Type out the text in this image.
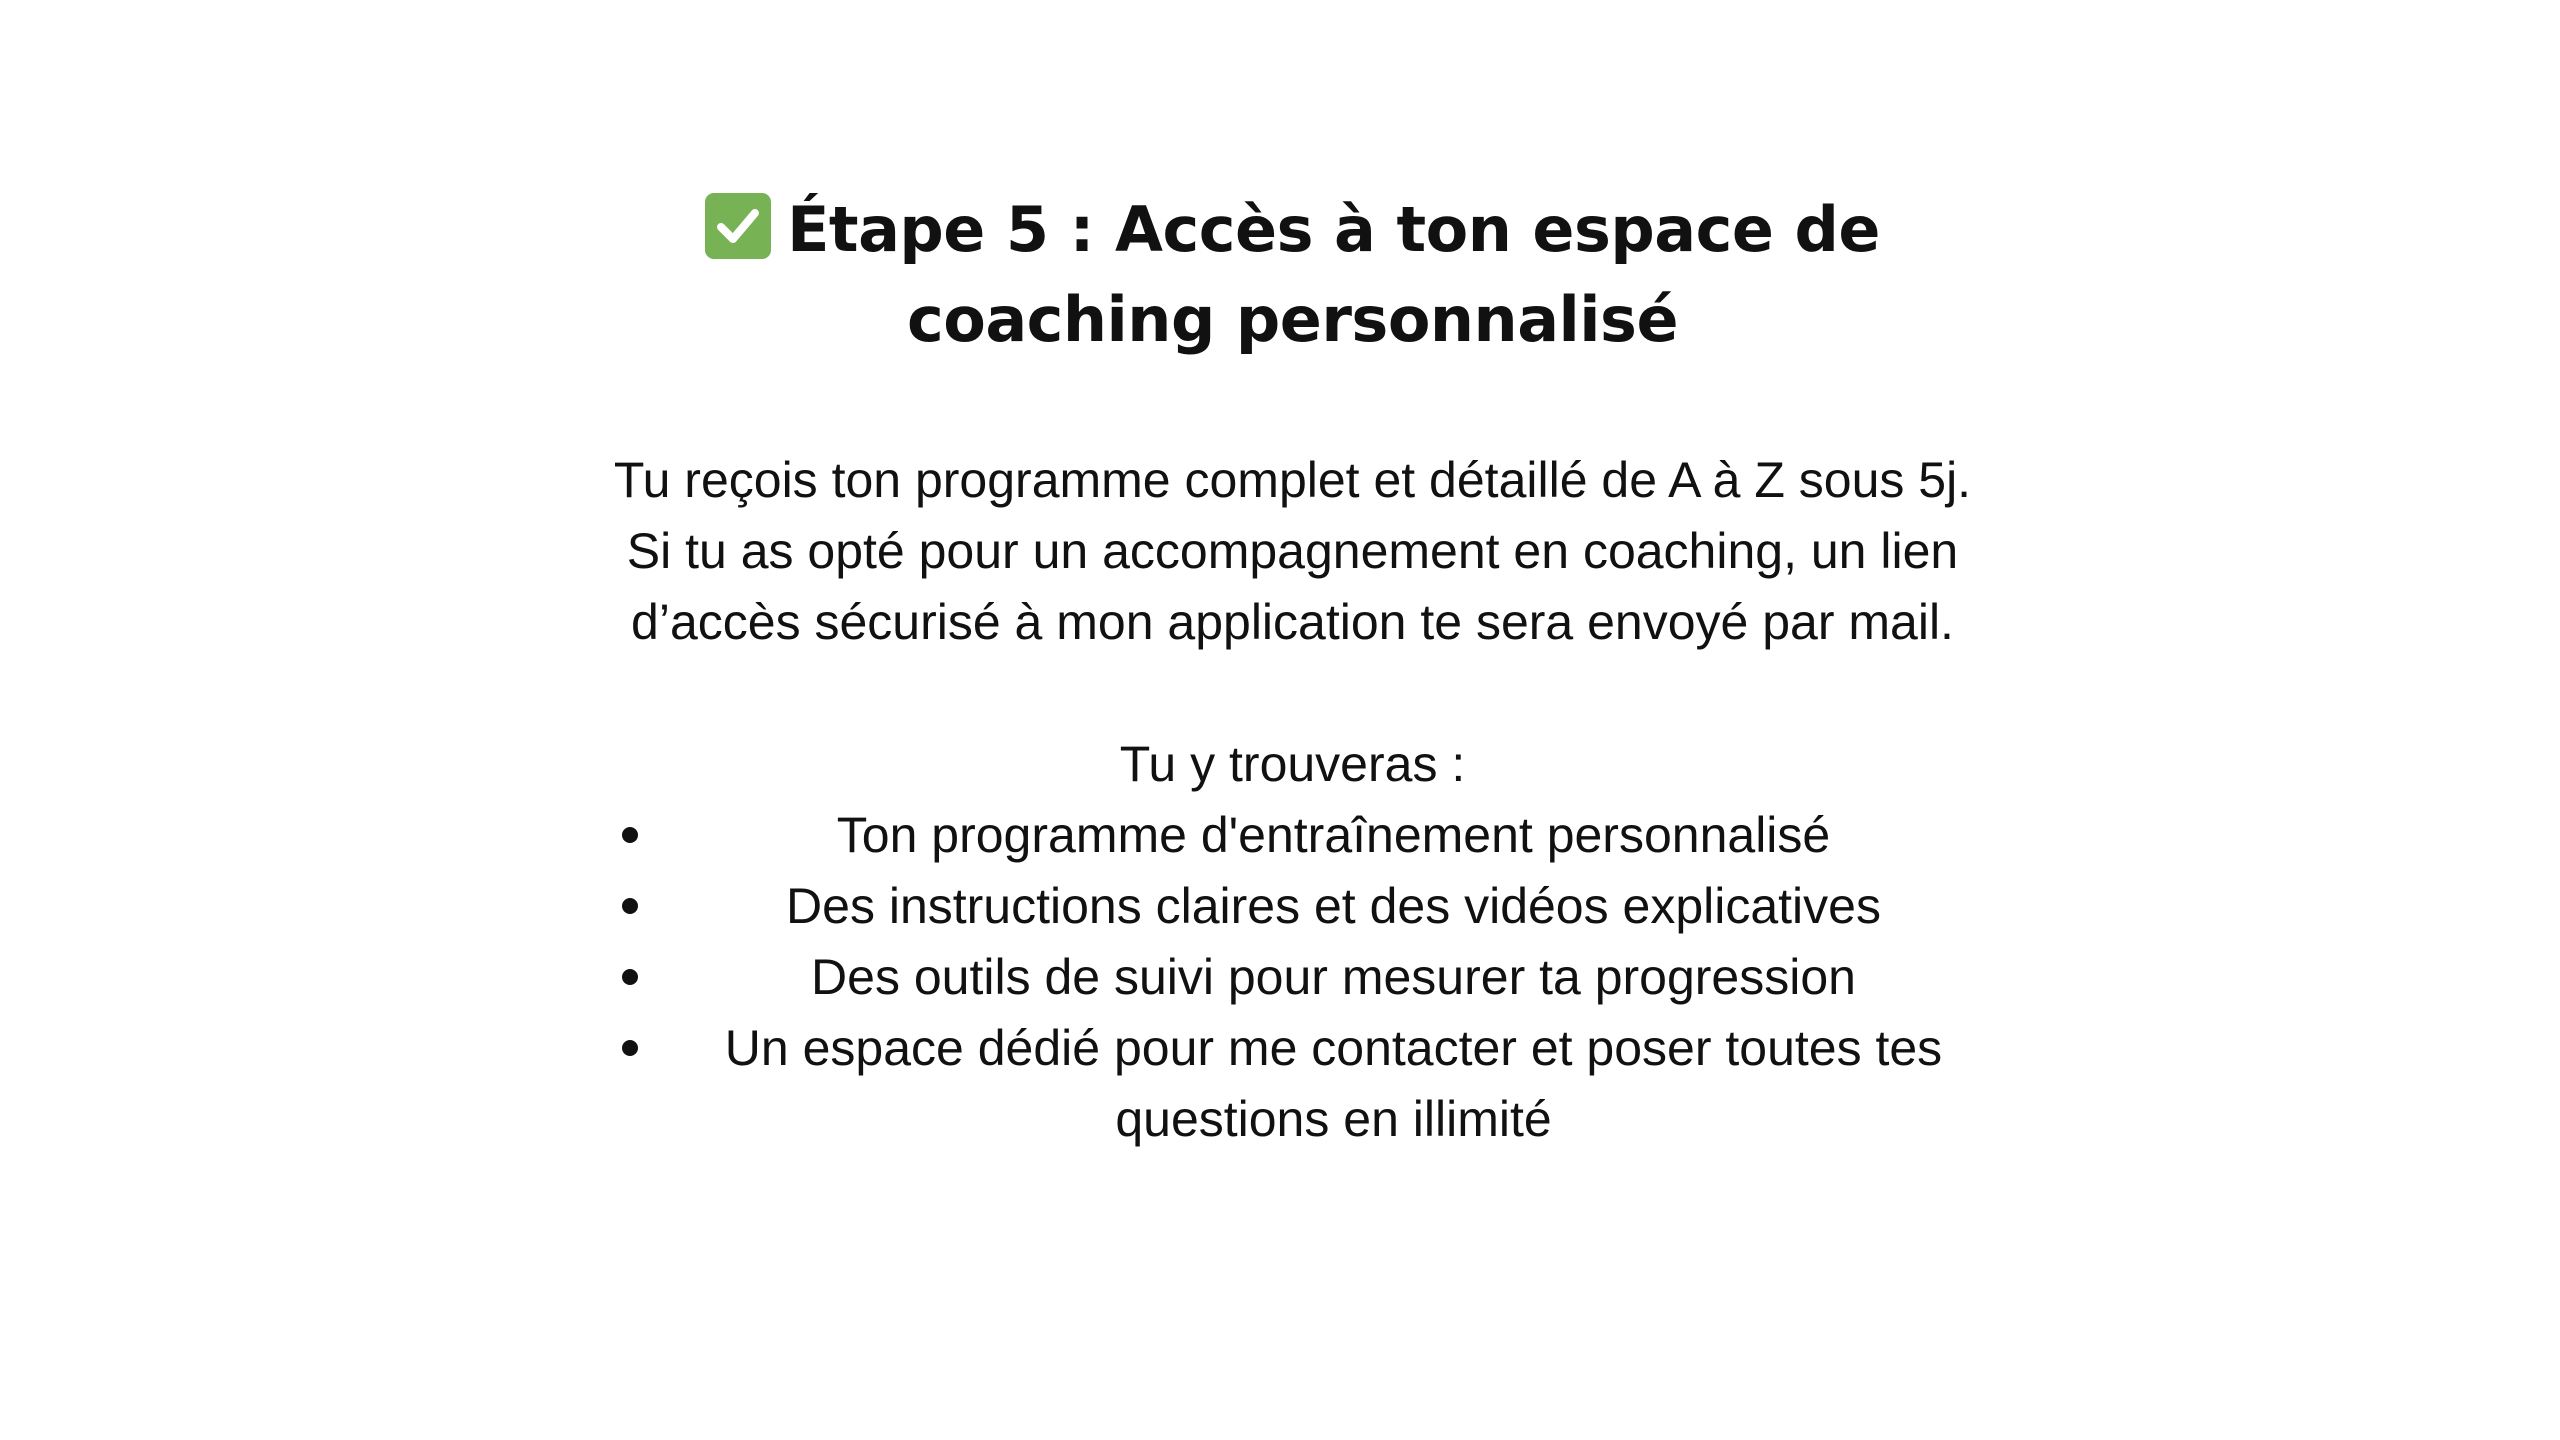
Étape 5 : Accès à ton espace de coaching personnalisé

Tu reçois ton programme complet et détaillé de A à Z sous 5j.

Si tu as opté pour un accompagnement en coaching, un lien d’accès sécurisé à mon application te sera envoyé par mail.

Tu y trouveras :

Ton programme d'entraînement personnalisé
Des instructions claires et des vidéos explicatives
Des outils de suivi pour mesurer ta progression
Un espace dédié pour me contacter et poser toutes tes questions en illimité
